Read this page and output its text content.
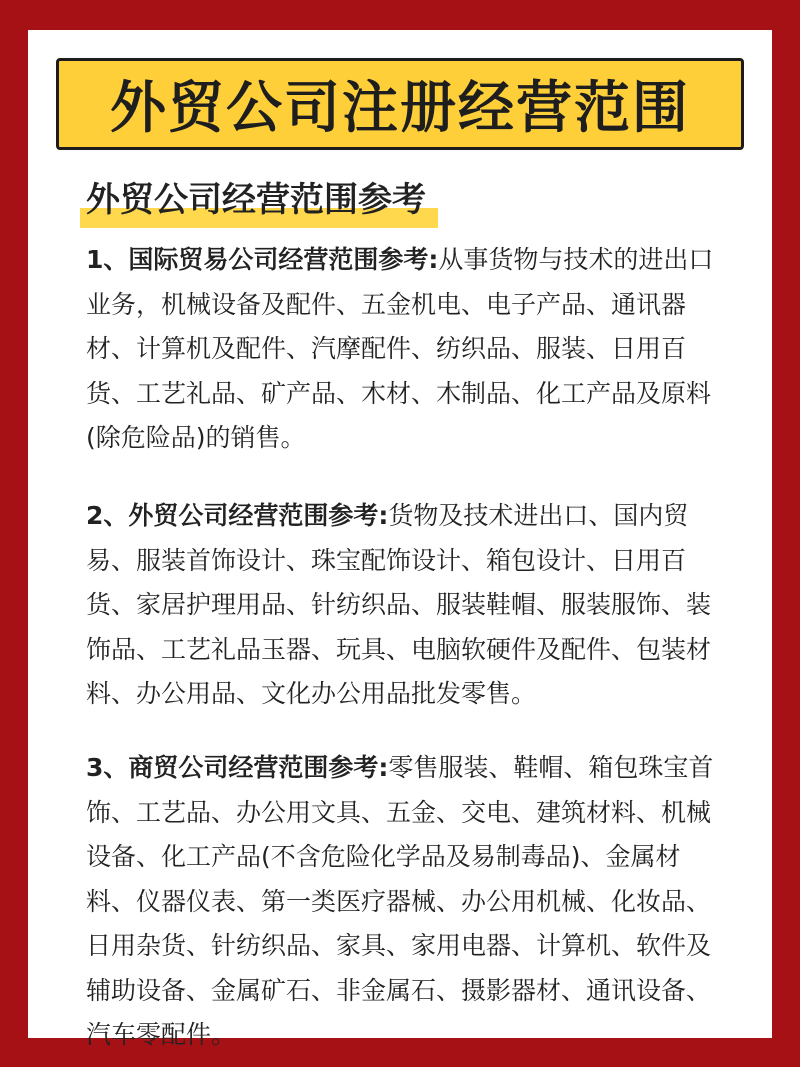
外贸公司注册经营范围
外贸公司经营范围参考
1、国际贸易公司经营范围参考:从事货物与技术的进出口业务，机械设备及配件、五金机电、电子产品、通讯器材、计算机及配件、汽摩配件、纺织品、服装、日用百货、工艺礼品、矿产品、木材、木制品、化工产品及原料(除危险品)的销售。
2、外贸公司经营范围参考:货物及技术进出口、国内贸易、服装首饰设计、珠宝配饰设计、箱包设计、日用百货、家居护理用品、针纺织品、服装鞋帽、服装服饰、装饰品、工艺礼品玉器、玩具、电脑软硬件及配件、包装材料、办公用品、文化办公用品批发零售。
3、商贸公司经营范围参考:零售服装、鞋帽、箱包珠宝首饰、工艺品、办公用文具、五金、交电、建筑材料、机械设备、化工产品(不含危险化学品及易制毒品)、金属材料、仪器仪表、第一类医疗器械、办公用机械、化妆品、日用杂货、针纺织品、家具、家用电器、计算机、软件及辅助设备、金属矿石、非金属石、摄影器材、通讯设备、汽车零配件。
